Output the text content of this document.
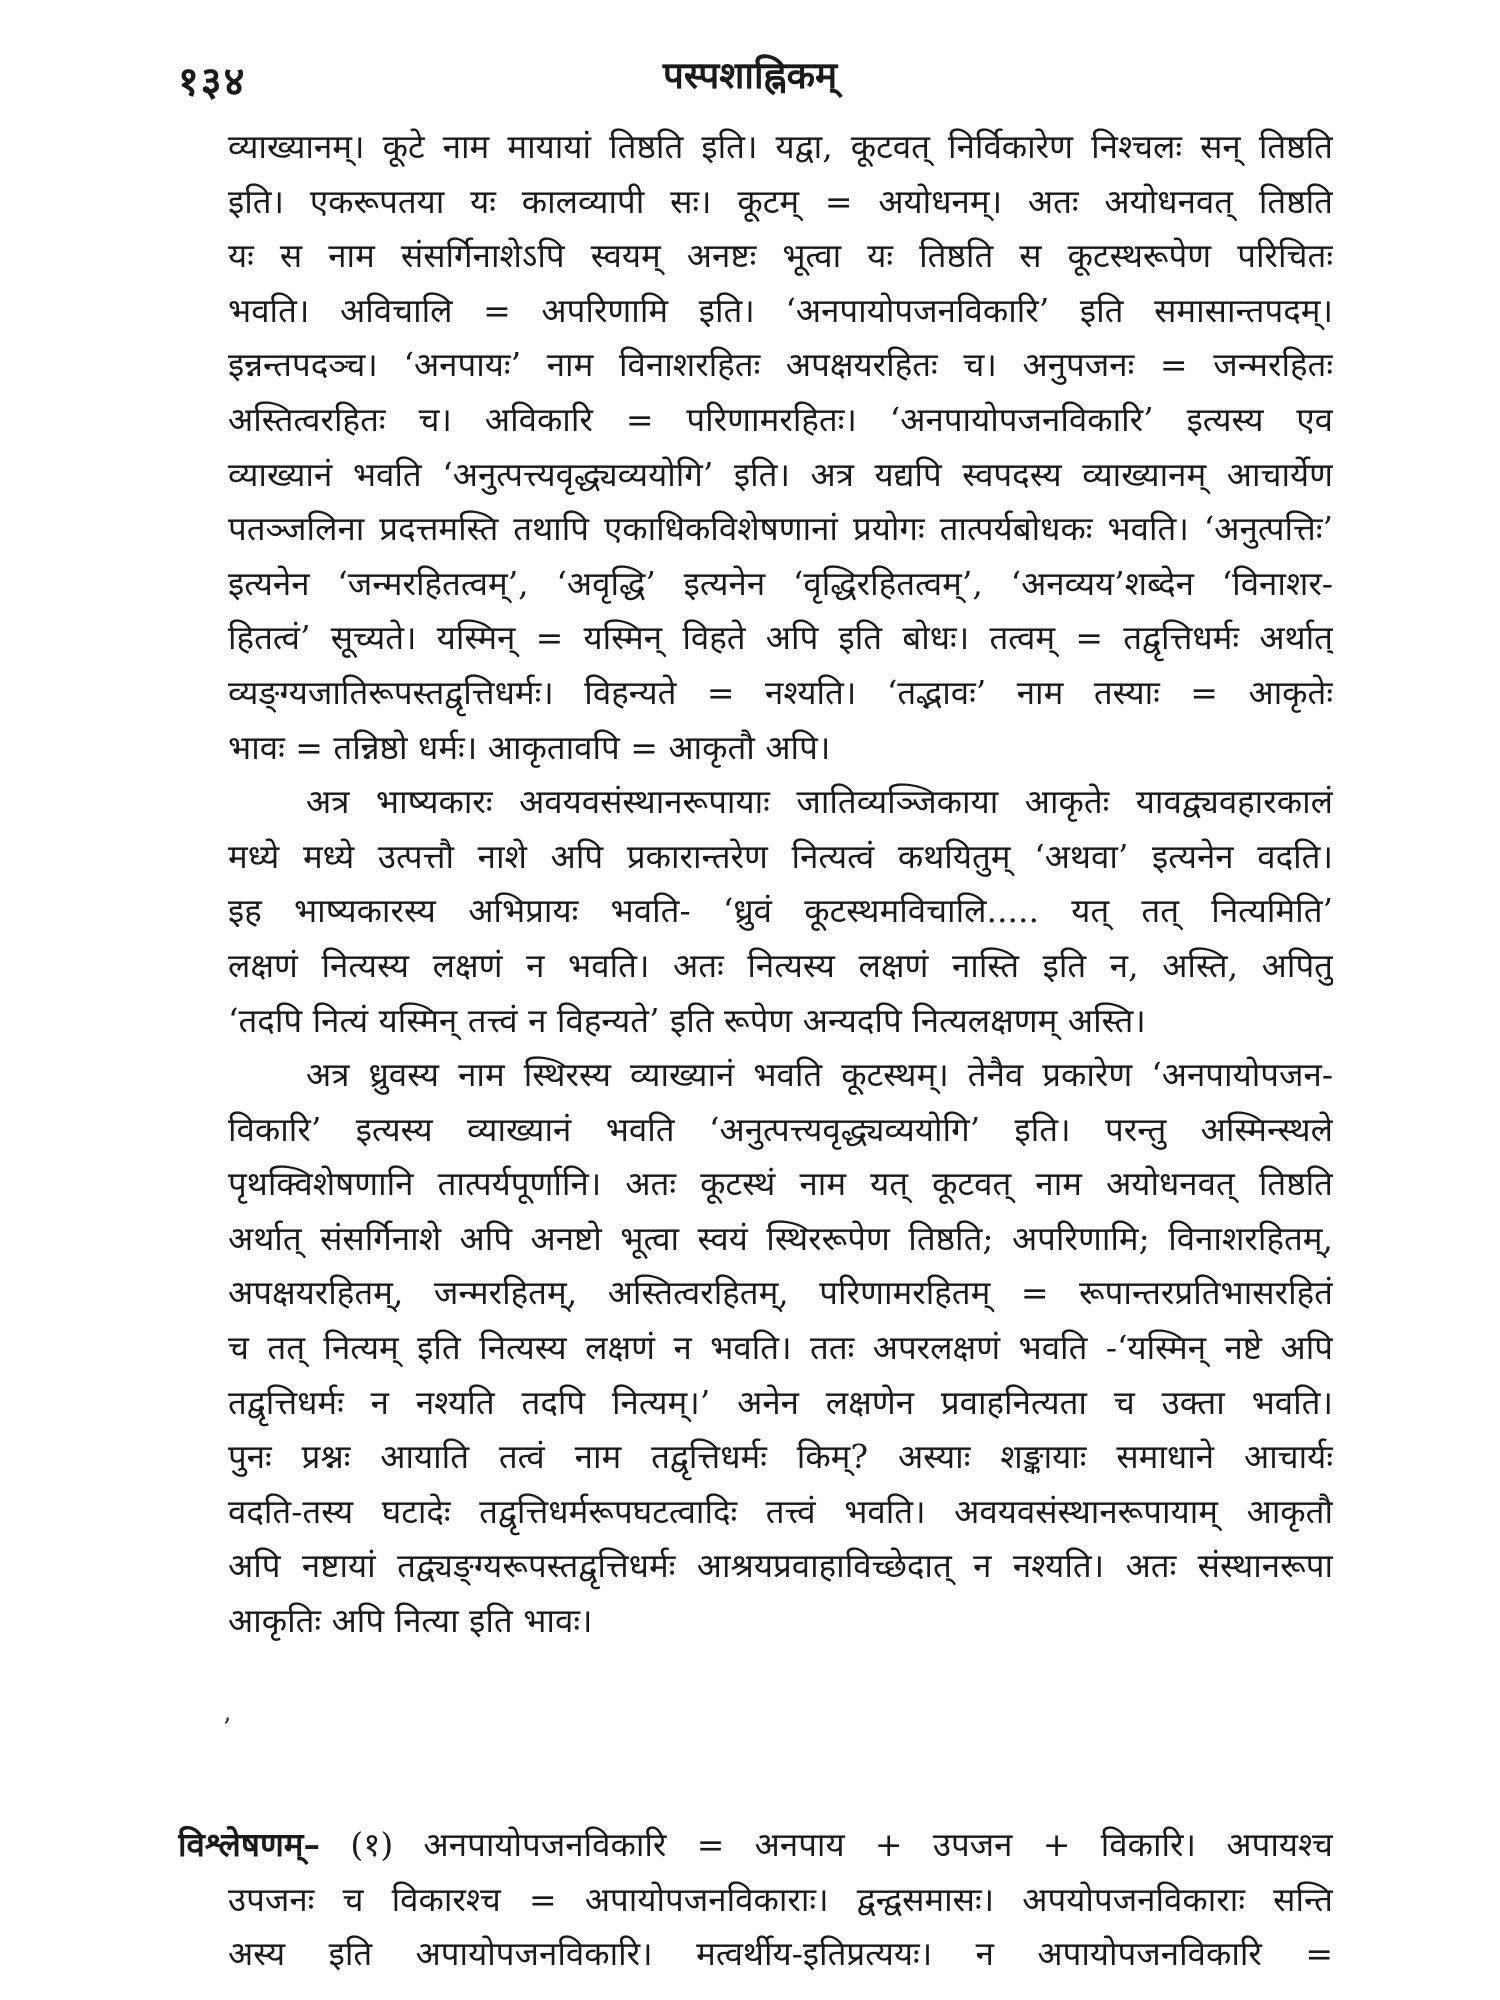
१३४	पस्पशाह्निकम्
व्याख्यानम्। कूटे नाम मायायां तिष्ठति इति। यद्वा, कूटवत् निर्विकारेण निश्चलः सन् तिष्ठति
इति। एकरूपतया यः कालव्यापी सः। कूटम् = अयोधनम्। अतः अयोधनवत् तिष्ठति
यः स नाम संसर्गिनाशेऽपि स्वयम् अनष्टः भूत्वा यः तिष्ठति स कूटस्थरूपेण परिचितः
भवति। अविचालि = अपरिणामि इति। ‘अनपायोपजनविकारि’ इति समासान्तपदम्।
इन्नन्तपदञ्च। ‘अनपायः’ नाम विनाशरहितः अपक्षयरहितः च। अनुपजनः = जन्मरहितः
अस्तित्वरहितः च। अविकारि = परिणामरहितः। ‘अनपायोपजनविकारि’ इत्यस्य एव
व्याख्यानं भवति ‘अनुत्पत्त्यवृद्ध्यव्ययोगि’ इति। अत्र यद्यपि स्वपदस्य व्याख्यानम् आचार्येण
पतञ्जलिना प्रदत्तमस्ति तथापि एकाधिकविशेषणानां प्रयोगः तात्पर्यबोधकः भवति। ‘अनुत्पत्तिः’
इत्यनेन ‘जन्मरहितत्वम्’, ‘अवृद्धि’ इत्यनेन ‘वृद्धिरहितत्वम्’, ‘अनव्यय’शब्देन ‘विनाशर-
हितत्वं’ सूच्यते। यस्मिन् = यस्मिन् विहते अपि इति बोधः। तत्वम् = तद्वृत्तिधर्मः अर्थात्
व्यङ्ग्यजातिरूपस्तद्वृत्तिधर्मः। विहन्यते = नश्यति। ‘तद्भावः’ नाम तस्याः = आकृतेः
भावः = तन्निष्ठो धर्मः। आकृतावपि = आकृतौ अपि।
अत्र भाष्यकारः अवयवसंस्थानरूपायाः जातिव्यञ्जिकाया आकृतेः यावद्व्यवहारकालं
मध्ये मध्ये उत्पत्तौ नाशे अपि प्रकारान्तरेण नित्यत्वं कथयितुम् ‘अथवा’ इत्यनेन वदति।
इह भाष्यकारस्य अभिप्रायः भवति- ‘ध्रुवं कूटस्थमविचालि..... यत् तत् नित्यमिति’
लक्षणं नित्यस्य लक्षणं न भवति। अतः नित्यस्य लक्षणं नास्ति इति न, अस्ति, अपितु
‘तदपि नित्यं यस्मिन् तत्त्वं न विहन्यते’ इति रूपेण अन्यदपि नित्यलक्षणम् अस्ति।
अत्र ध्रुवस्य नाम स्थिरस्य व्याख्यानं भवति कूटस्थम्। तेनैव प्रकारेण ‘अनपायोपजन-
विकारि’ इत्यस्य व्याख्यानं भवति ‘अनुत्पत्त्यवृद्ध्यव्ययोगि’ इति। परन्तु अस्मिन्स्थले
पृथक्विशेषणानि तात्पर्यपूर्णानि। अतः कूटस्थं नाम यत् कूटवत् नाम अयोधनवत् तिष्ठति
अर्थात् संसर्गिनाशे अपि अनष्टो भूत्वा स्वयं स्थिररूपेण तिष्ठति; अपरिणामि; विनाशरहितम्,
अपक्षयरहितम्, जन्मरहितम्, अस्तित्वरहितम्, परिणामरहितम् = रूपान्तरप्रतिभासरहितं
च तत् नित्यम् इति नित्यस्य लक्षणं न भवति। ततः अपरलक्षणं भवति -‘यस्मिन् नष्टे अपि
तद्वृत्तिधर्मः न नश्यति तदपि नित्यम्।’ अनेन लक्षणेन प्रवाहनित्यता च उक्ता भवति।
पुनः प्रश्नः आयाति तत्वं नाम तद्वृत्तिधर्मः किम्? अस्याः शङ्कायाः समाधाने आचार्यः
वदति-तस्य घटादेः तद्वृत्तिधर्मरूपघटत्वादिः तत्त्वं भवति। अवयवसंस्थानरूपायाम् आकृतौ
अपि नष्टायां तद्व्यङ्ग्यरूपस्तद्वृत्तिधर्मः आश्रयप्रवाहाविच्छेदात् न नश्यति। अतः संस्थानरूपा
आकृतिः अपि नित्या इति भावः।
ʼ
विश्लेषणम्– (१) अनपायोपजनविकारि = अनपाय + उपजन + विकारि। अपायश्च
उपजनः च विकारश्च = अपायोपजनविकाराः। द्वन्द्वसमासः। अपयोपजनविकाराः सन्ति
अस्य इति अपायोपजनविकारि। मत्वर्थीय-इतिप्रत्ययः। न अपायोपजनविकारि =
